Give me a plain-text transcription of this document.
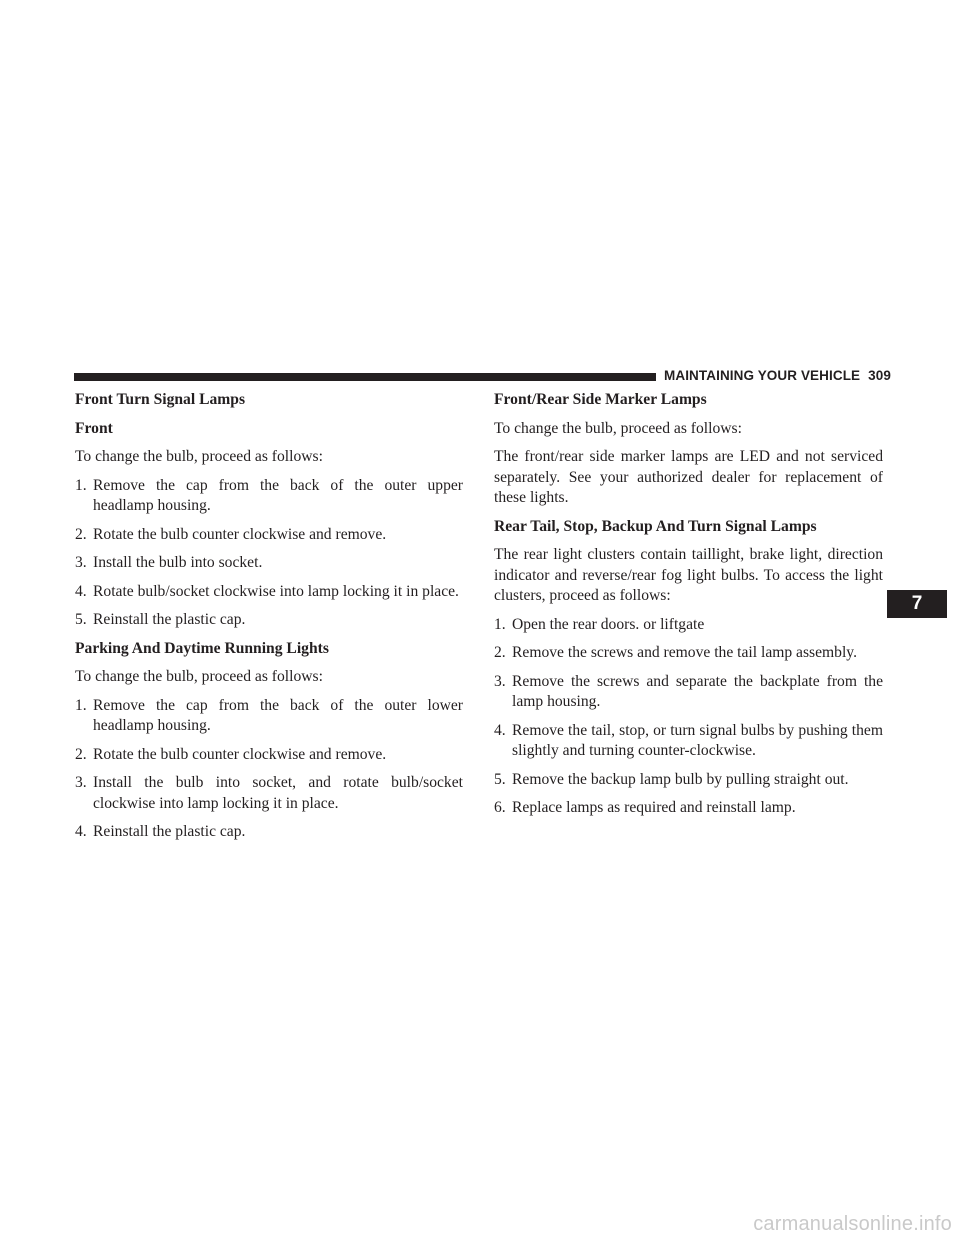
MAINTAINING YOUR VEHICLE 309
Front Turn Signal Lamps
Front
To change the bulb, proceed as follows:
1. Remove the cap from the back of the outer upper headlamp housing.
2. Rotate the bulb counter clockwise and remove.
3. Install the bulb into socket.
4. Rotate bulb/socket clockwise into lamp locking it in place.
5. Reinstall the plastic cap.
Parking And Daytime Running Lights
To change the bulb, proceed as follows:
1. Remove the cap from the back of the outer lower headlamp housing.
2. Rotate the bulb counter clockwise and remove.
3. Install the bulb into socket, and rotate bulb/socket clockwise into lamp locking it in place.
4. Reinstall the plastic cap.
Front/Rear Side Marker Lamps
To change the bulb, proceed as follows:
The front/rear side marker lamps are LED and not serviced separately. See your authorized dealer for replacement of these lights.
Rear Tail, Stop, Backup And Turn Signal Lamps
The rear light clusters contain taillight, brake light, direction indicator and reverse/rear fog light bulbs. To access the light clusters, proceed as follows:
1. Open the rear doors. or liftgate
2. Remove the screws and remove the tail lamp assembly.
3. Remove the screws and separate the backplate from the lamp housing.
4. Remove the tail, stop, or turn signal bulbs by pushing them slightly and turning counter-clockwise.
5. Remove the backup lamp bulb by pulling straight out.
6. Replace lamps as required and reinstall lamp.
7
carmanualsonline.info
